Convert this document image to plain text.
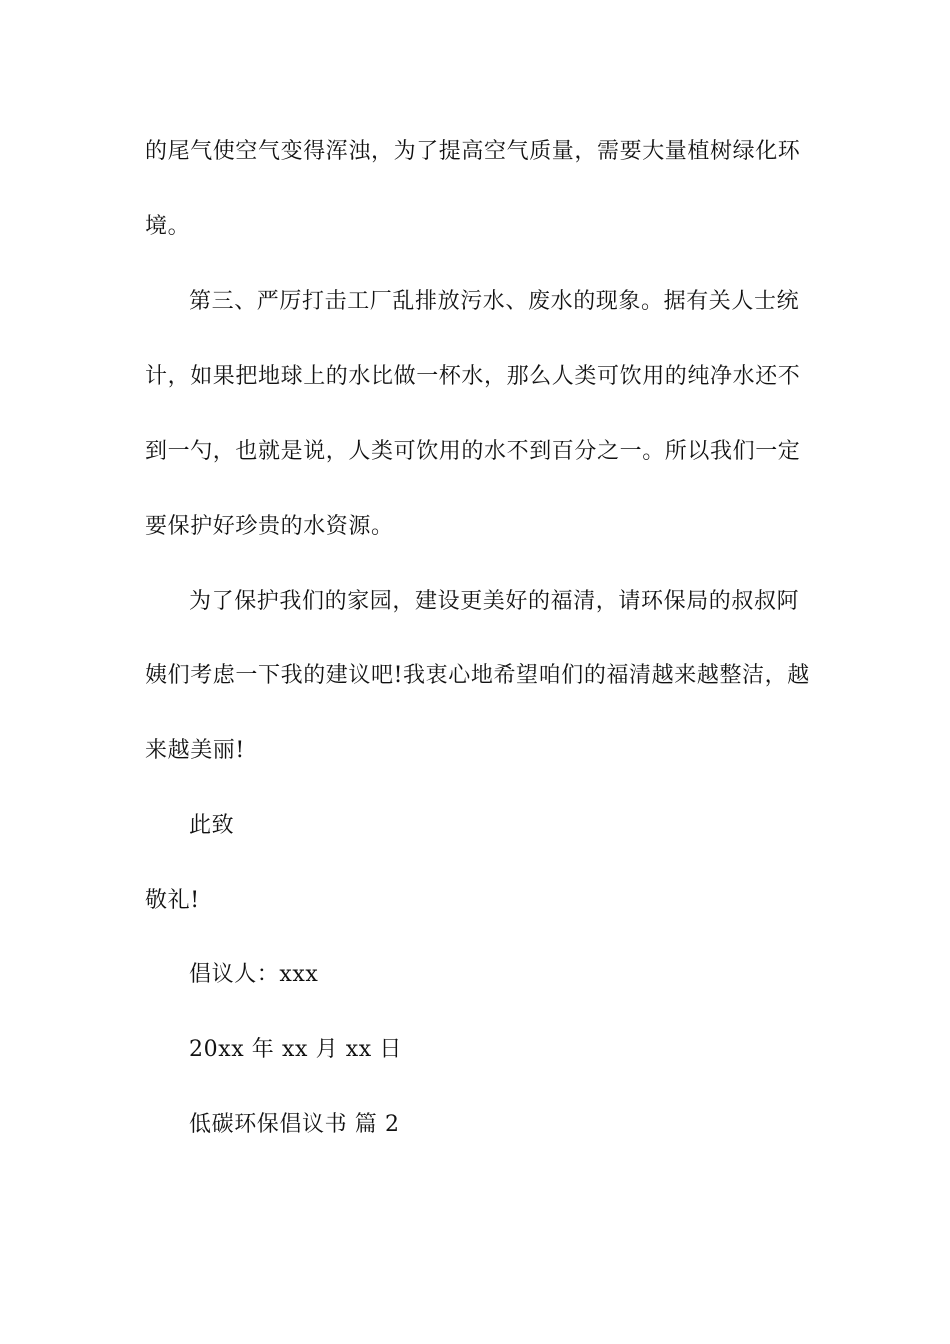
的尾气使空气变得浑浊，为了提高空气质量，需要大量植树绿化环
境。
第三、严厉打击工厂乱排放污水、废水的现象。据有关人士统
计，如果把地球上的水比做一杯水，那么人类可饮用的纯净水还不
到一勺，也就是说，人类可饮用的水不到百分之一。所以我们一定
要保护好珍贵的水资源。
为了保护我们的家园，建设更美好的福清，请环保局的叔叔阿
姨们考虑一下我的建议吧!我衷心地希望咱们的福清越来越整洁，越
来越美丽!
此致
敬礼!
倡议人：xxx
20xx 年 xx 月 xx 日
低碳环保倡议书 篇 2
